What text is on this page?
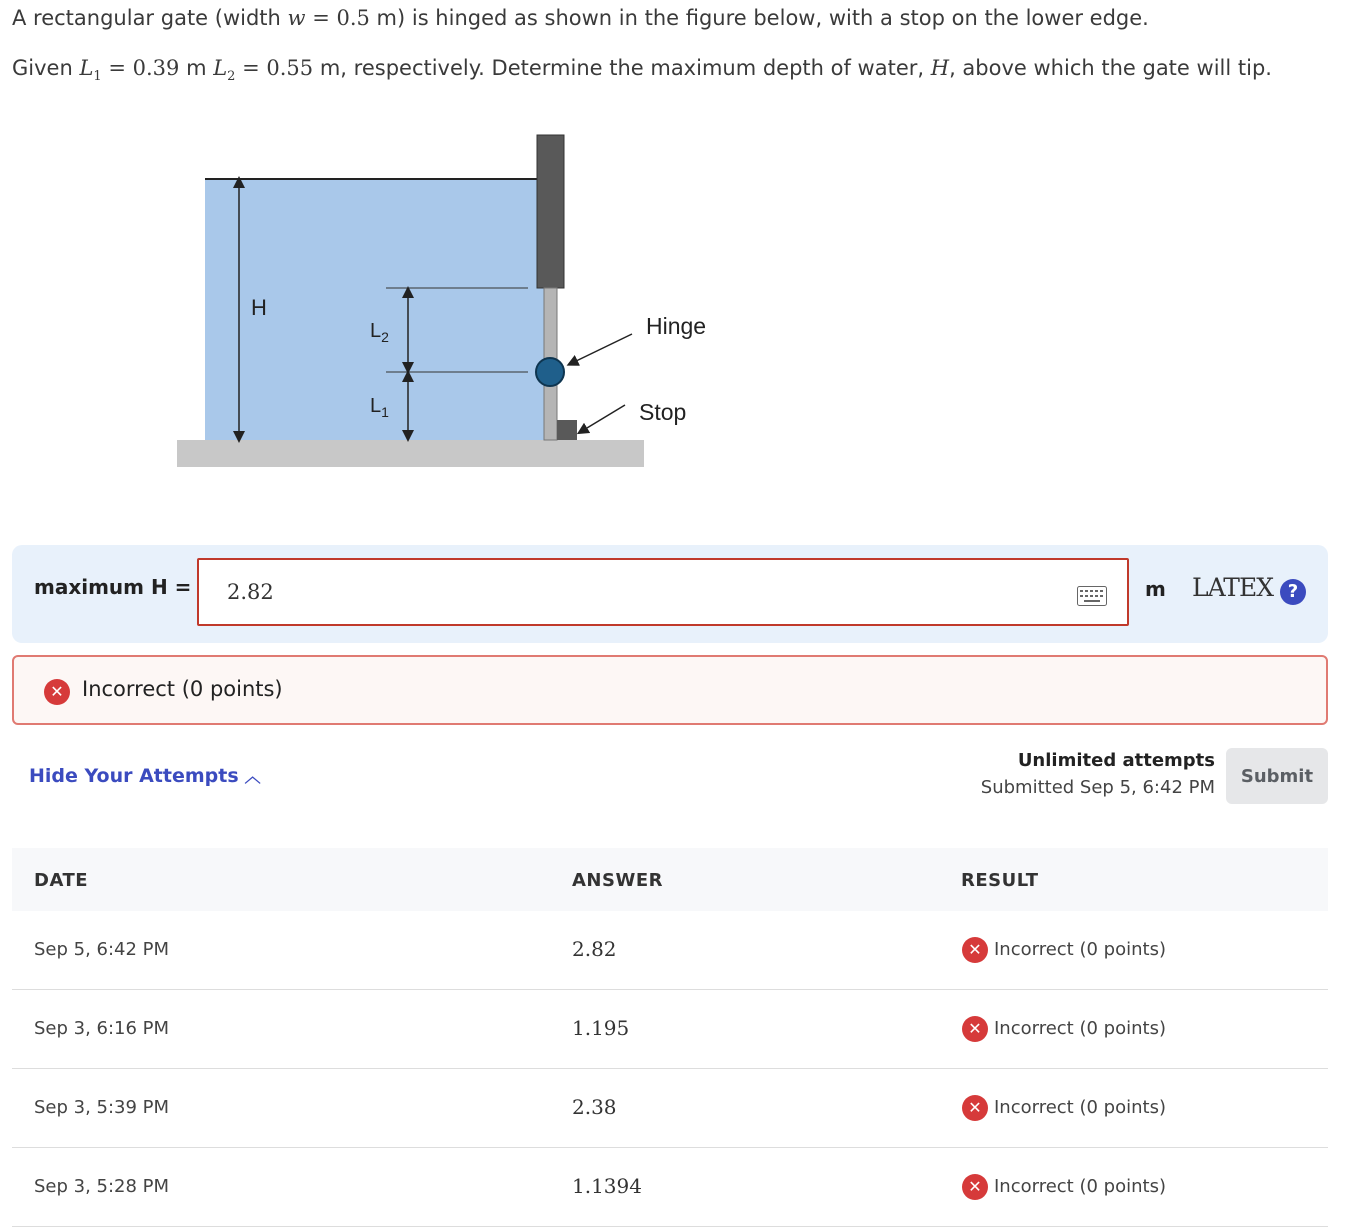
A rectangular gate (width w = 0.5 m) is hinged as shown in the figure below, with a stop on the lower edge.
Given $L_1 = 0.39$ m $L_2 = 0.55$ m, respectively. Determine the maximum depth of water, H, above which the gate will tip.
H
$L_2$
$L_1$
Hinge
Stop
maximum H = 2.82	m LATEX ?
✕ Incorrect (0 points)
Hide Your Attempts ︿
Unlimited attempts
Submitted Sep 5, 6:42 PM
Submit
DATE	ANSWER	RESULT
Sep 5, 6:42 PM	2.82	✕ Incorrect (0 points)
Sep 3, 6:16 PM	1.195	✕ Incorrect (0 points)
Sep 3, 5:39 PM	2.38	✕ Incorrect (0 points)
Sep 3, 5:28 PM	1.1394	✕ Incorrect (0 points)
